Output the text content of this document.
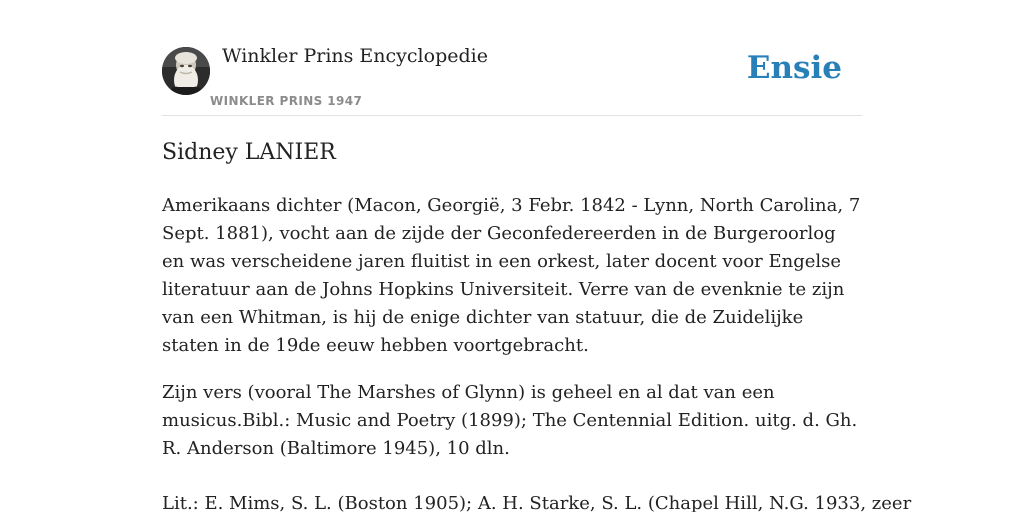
Winkler Prins Encyclopedie
WINKLER PRINS 1947
Ensie
Sidney LANIER

Amerikaans dichter (Macon, Georgië, 3 Febr. 1842 - Lynn, North Carolina, 7 Sept. 1881), vocht aan de zijde der Geconfedereerden in de Burgeroorlog en was verscheidene jaren fluitist in een orkest, later docent voor Engelse literatuur aan de Johns Hopkins Universiteit. Verre van de evenknie te zijn van een Whitman, is hij de enige dichter van statuur, die de Zuidelijke staten in de 19de eeuw hebben voortgebracht.

Zijn vers (vooral The Marshes of Glynn) is geheel en al dat van een musicus.Bibl.: Music and Poetry (1899); The Centennial Edition. uitg. d. Gh. R. Anderson (Baltimore 1945), 10 dln.

Lit.: E. Mims, S. L. (Boston 1905); A. H. Starke, S. L. (Chapel Hill, N.G. 1933, zeer
